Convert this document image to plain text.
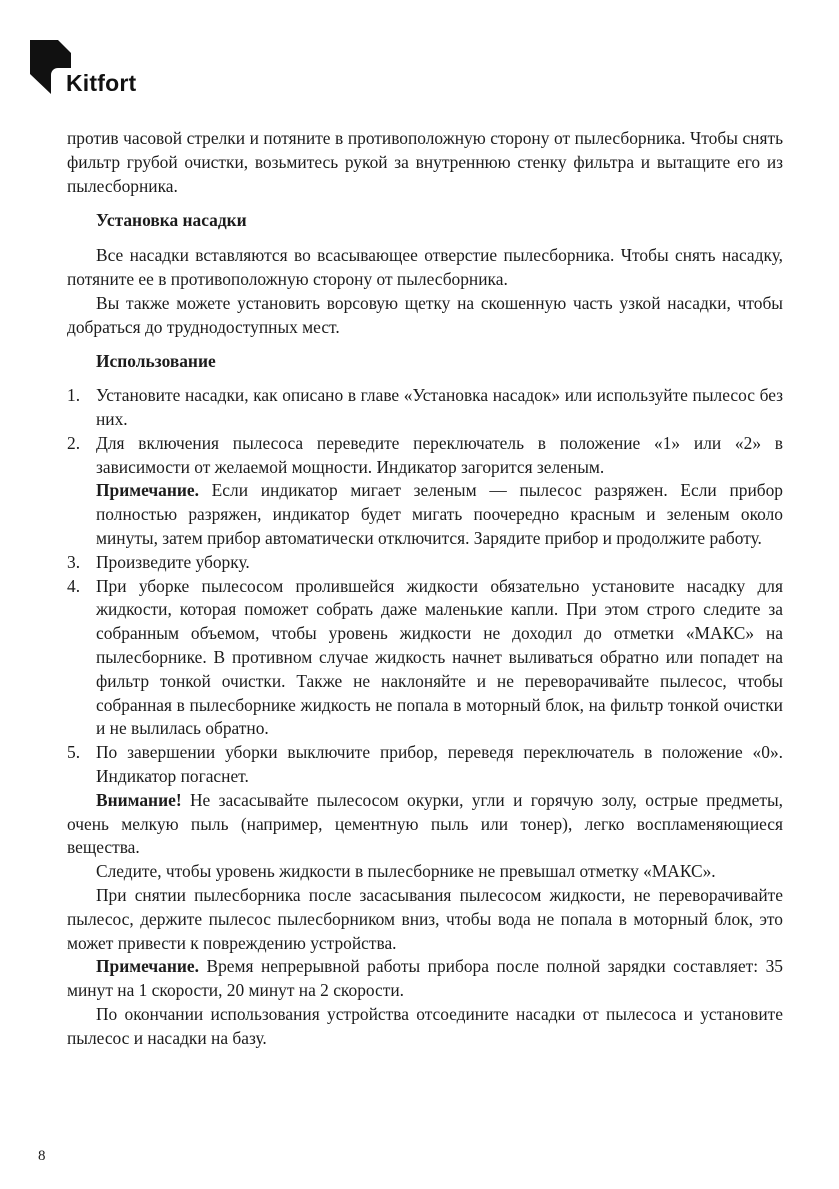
Kitfort

против часовой стрелки и потяните в противоположную сторону от пылесборника. Чтобы снять фильтр грубой очистки, возьмитесь рукой за внутреннюю стенку фильтра и вытащите его из пылесборника.

Установка насадки

Все насадки вставляются во всасывающее отверстие пылесборника. Чтобы снять насадку, потяните ее в противоположную сторону от пылесборника.

Вы также можете установить ворсовую щетку на скошенную часть узкой насадки, чтобы добраться до труднодоступных мест.

Использование

1. Установите насадки, как описано в главе «Установка насадок» или используйте пылесос без них.
2. Для включения пылесоса переведите переключатель в положение «1» или «2» в зависимости от желаемой мощности. Индикатор загорится зеленым.

Примечание. Если индикатор мигает зеленым — пылесос разряжен. Если прибор полностью разряжен, индикатор будет мигать поочередно красным и зеленым около минуты, затем прибор автоматически отключится. Зарядите прибор и продолжите работу.

3. Произведите уборку.
4. При уборке пылесосом пролившейся жидкости обязательно установите насадку для жидкости, которая поможет собрать даже маленькие капли. При этом строго следите за собранным объемом, чтобы уровень жидкости не доходил до отметки «МАКС» на пылесборнике. В противном случае жидкость начнет выливаться обратно или попадет на фильтр тонкой очистки. Также не наклоняйте и не переворачивайте пылесос, чтобы собранная в пылесборнике жидкость не попала в моторный блок, на фильтр тонкой очистки и не вылилась обратно.
5. По завершении уборки выключите прибор, переведя переключатель в положение «0». Индикатор погаснет.

Внимание! Не засасывайте пылесосом окурки, угли и горячую золу, острые предметы, очень мелкую пыль (например, цементную пыль или тонер), легко воспламеняющиеся вещества.

Следите, чтобы уровень жидкости в пылесборнике не превышал отметку «МАКС».

При снятии пылесборника после засасывания пылесосом жидкости, не переворачивайте пылесос, держите пылесос пылесборником вниз, чтобы вода не попала в моторный блок, это может привести к повреждению устройства.

Примечание. Время непрерывной работы прибора после полной зарядки составляет: 35 минут на 1 скорости, 20 минут на 2 скорости.

По окончании использования устройства отсоедините насадки от пылесоса и установите пылесос и насадки на базу.

8
